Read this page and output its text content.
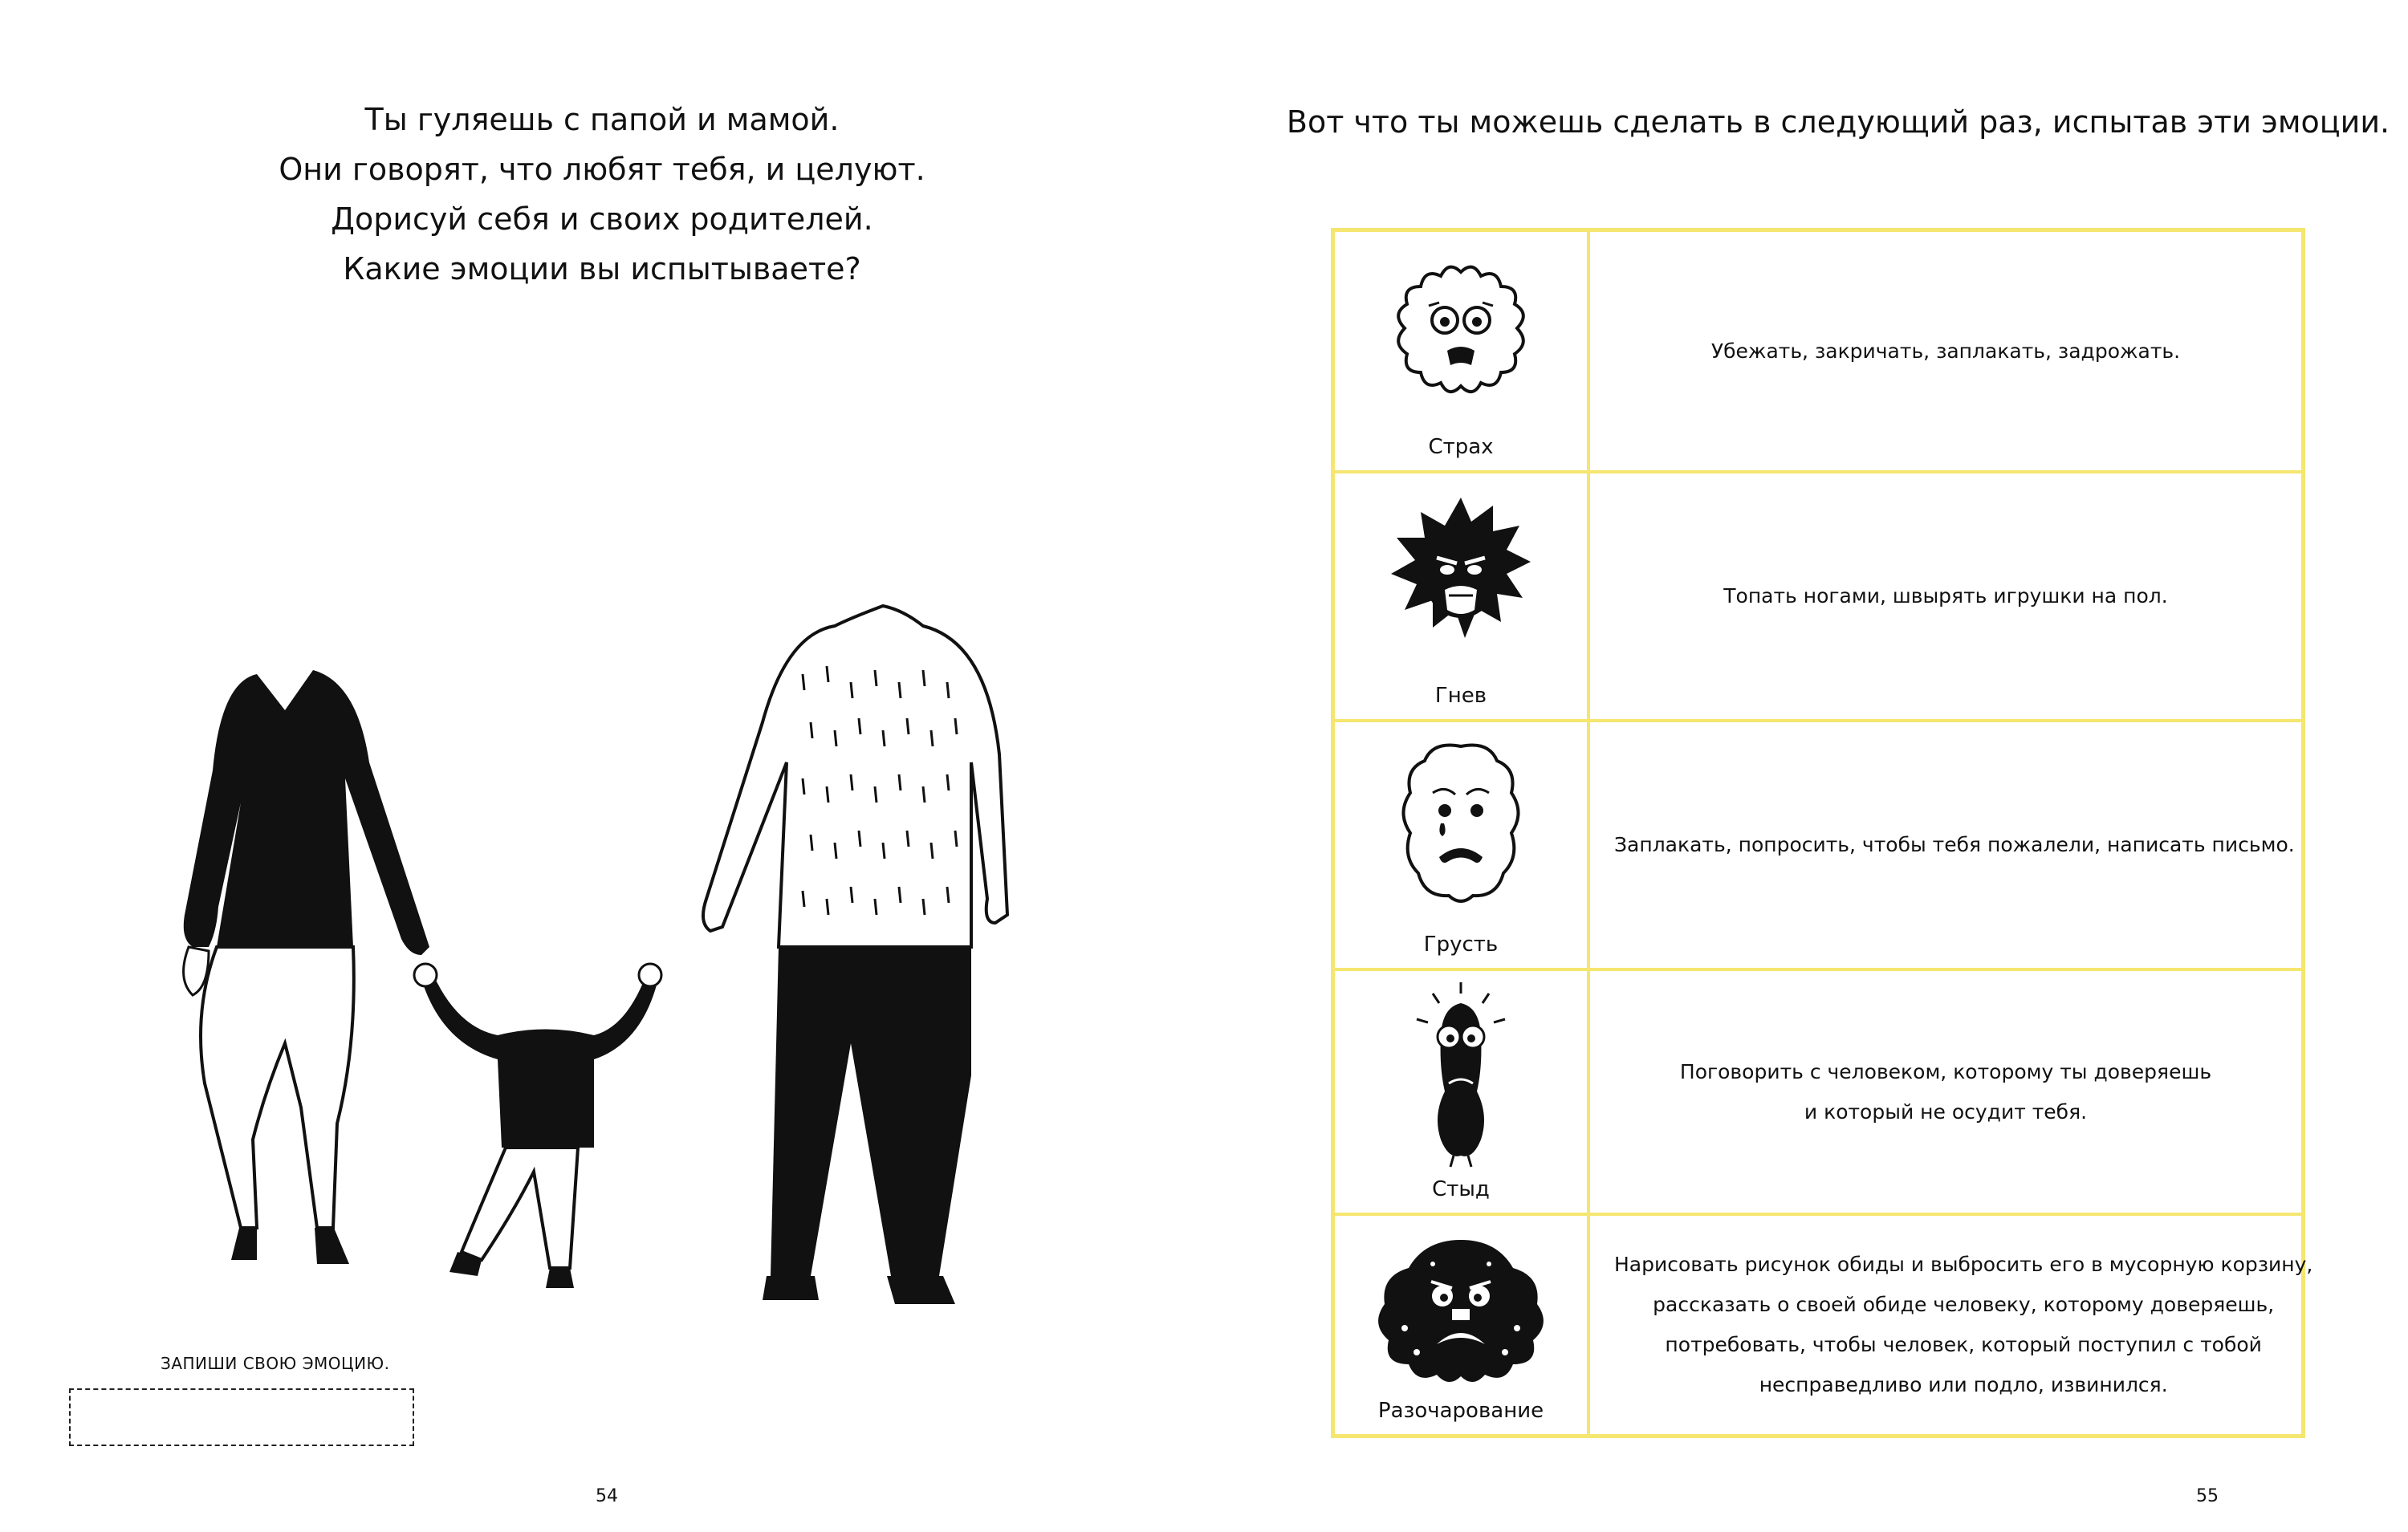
Ты гуляешь с папой и мамой.
Они говорят, что любят тебя, и целуют.
Дорисуй себя и своих родителей.
Какие эмоции вы испытываете?
ЗАПИШИ СВОЮ ЭМОЦИЮ.
54
Вот что ты можешь сделать в следующий раз, испытав эти эмоции.
Страх
Убежать, закричать, заплакать, задрожать.
Гнев
Топать ногами, швырять игрушки на пол.
Грусть
Заплакать, попросить, чтобы тебя пожалели, написать письмо.
Стыд
Поговорить с человеком, которому ты доверяешь
и который не осудит тебя.
Разочарование
Нарисовать рисунок обиды и выбросить его в мусорную корзину,
рассказать о своей обиде человеку, которому доверяешь,
потребовать, чтобы человек, который поступил с тобой
несправедливо или подло, извинился.
55
